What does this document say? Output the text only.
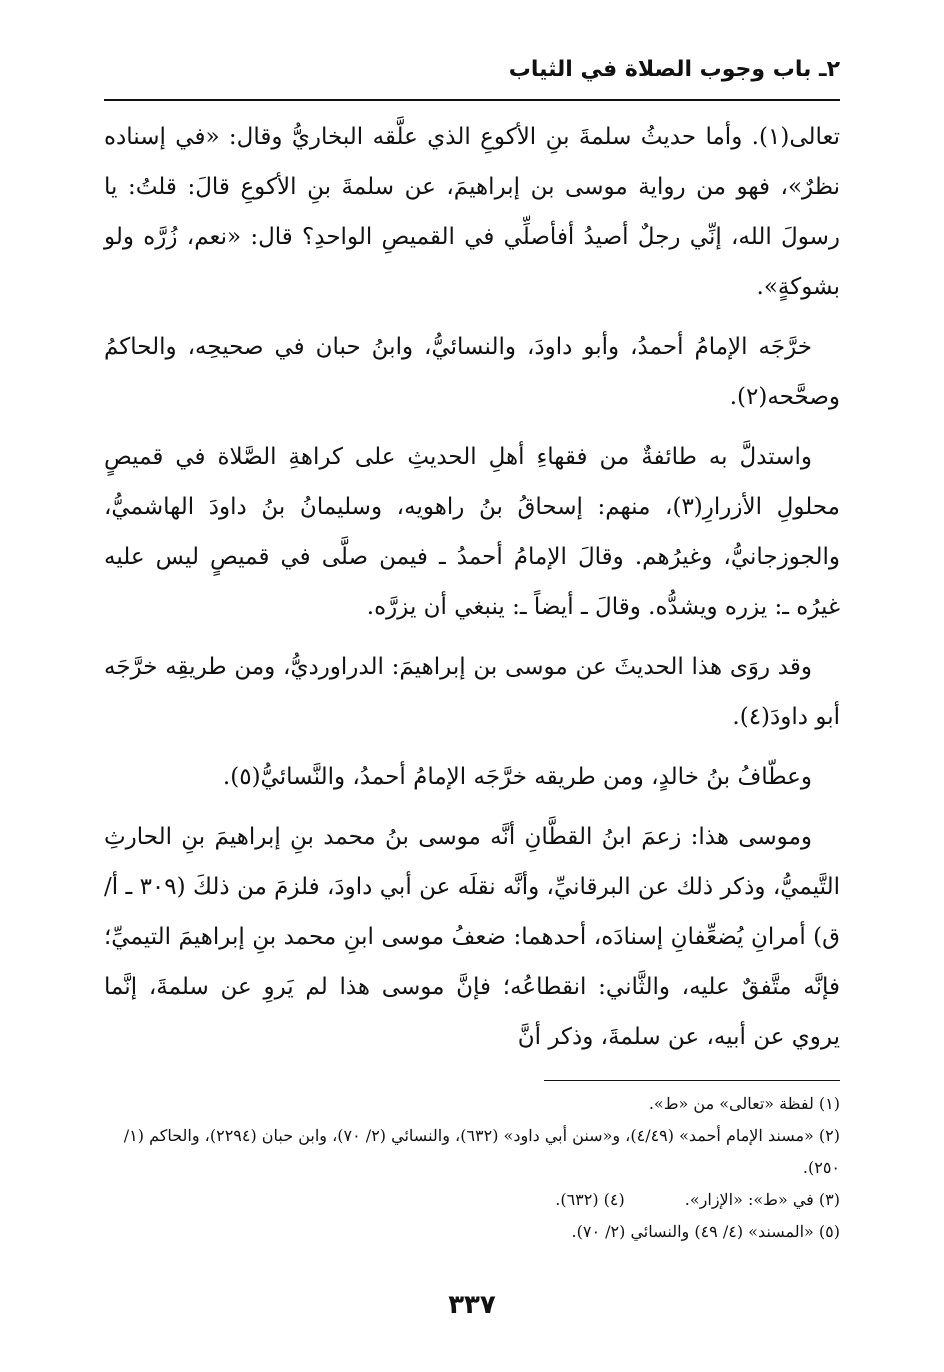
٢ـ باب وجوب الصلاة في الثياب

تعالى(١). وأما حديثُ سلمةَ بنِ الأكوعِ الذي علَّقه البخاريُّ وقال: «في إسناده نظرٌ»، فهو من رواية موسى بن إبراهيمَ، عن سلمةَ بنِ الأكوعِ قالَ: قلتُ: يا رسولَ الله، إنِّي رجلٌ أصيدُ أفأصلِّي في القميصِ الواحدِ؟ قال: «نعم، زُرَّه ولو بشوكةٍ».

خرَّجَه الإمامُ أحمدُ، وأبو داودَ، والنسائيُّ، وابنُ حبان في صحيحِه، والحاكمُ وصحَّحه(٢).

واستدلَّ به طائفةٌ من فقهاءِ أهلِ الحديثِ على كراهةِ الصَّلاة في قميصٍ محلولِ الأزرارِ(٣)، منهم: إسحاقُ بنُ راهويه، وسليمانُ بنُ داودَ الهاشميُّ، والجوزجانيُّ، وغيرُهم. وقالَ الإمامُ أحمدُ ـ فيمن صلَّى في قميصٍ ليس عليه غيرُه ـ: يزره ويشدُّه. وقالَ ـ أيضاً ـ: ينبغي أن يزرَّه.

وقد روَى هذا الحديثَ عن موسى بن إبراهيمَ: الدراورديُّ، ومن طريقِه خرَّجَه أبو داودَ(٤).

وعطّافُ بنُ خالدٍ، ومن طريقه خرَّجَه الإمامُ أحمدُ، والنَّسائيُّ(٥).

وموسى هذا: زعمَ ابنُ القطَّانِ أنَّه موسى بنُ محمد بنِ إبراهيمَ بنِ الحارثِ التَّيميُّ، وذكر ذلك عن البرقانيِّ، وأنَّه نقلَه عن أبي داودَ، فلزمَ من ذلكَ (٣٠٩ ـ أ/ ق) أمرانِ يُضعِّفانِ إسنادَه، أحدهما: ضعفُ موسى ابنِ محمد بنِ إبراهيمَ التيميِّ؛ فإنَّه متَّفقٌ عليه، والثَّاني: انقطاعُه؛ فإنَّ موسى هذا لم يَروِ عن سلمةَ، إنَّما يروي عن أبيه، عن سلمةَ، وذكر أنَّ

(١) لفظة «تعالى» من «ط».

(٢) «مسند الإمام أحمد» (٤/٤٩)، و«سنن أبي داود» (٦٣٢)، والنسائي (٢/ ٧٠)، وابن حبان (٢٢٩٤)، والحاكم (١/ ٢٥٠).

(٣) في «ط»: «الإزار».
(٤) (٦٣٢).

(٥) «المسند» (٤/ ٤٩) والنسائي (٢/ ٧٠).

٣٣٧
